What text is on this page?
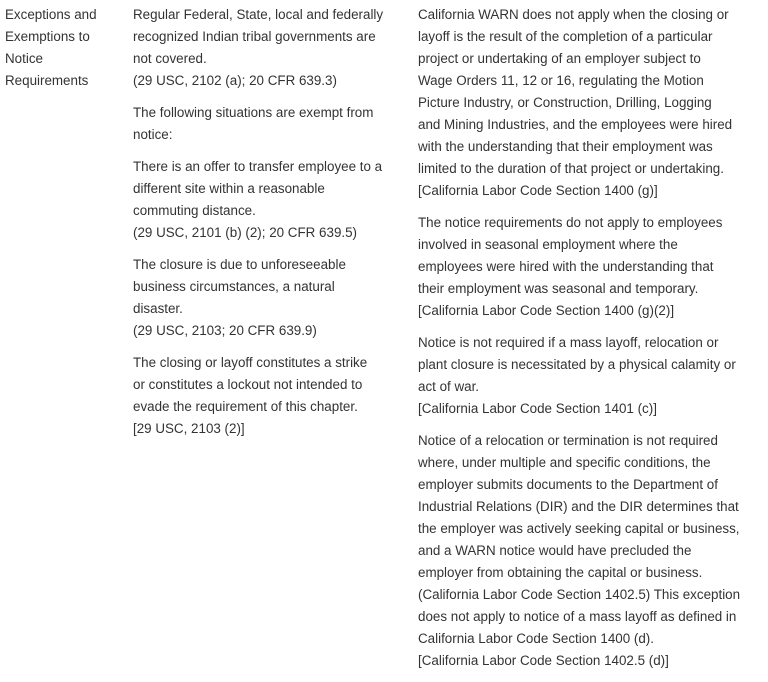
Exceptions and
Exemptions to
Notice
Requirements

Regular Federal, State, local and federally
recognized Indian tribal governments are
not covered.
(29 USC, 2102 (a); 20 CFR 639.3)

The following situations are exempt from
notice:

There is an offer to transfer employee to a
different site within a reasonable
commuting distance.
(29 USC, 2101 (b) (2); 20 CFR 639.5)

The closure is due to unforeseeable
business circumstances, a natural
disaster.
(29 USC, 2103; 20 CFR 639.9)

The closing or layoff constitutes a strike
or constitutes a lockout not intended to
evade the requirement of this chapter.
[29 USC, 2103 (2)]

California WARN does not apply when the closing or
layoff is the result of the completion of a particular
project or undertaking of an employer subject to
Wage Orders 11, 12 or 16, regulating the Motion
Picture Industry, or Construction, Drilling, Logging
and Mining Industries, and the employees were hired
with the understanding that their employment was
limited to the duration of that project or undertaking.
[California Labor Code Section 1400 (g)]

The notice requirements do not apply to employees
involved in seasonal employment where the
employees were hired with the understanding that
their employment was seasonal and temporary.
[California Labor Code Section 1400 (g)(2)]

Notice is not required if a mass layoff, relocation or
plant closure is necessitated by a physical calamity or
act of war.
[California Labor Code Section 1401 (c)]

Notice of a relocation or termination is not required
where, under multiple and specific conditions, the
employer submits documents to the Department of
Industrial Relations (DIR) and the DIR determines that
the employer was actively seeking capital or business,
and a WARN notice would have precluded the
employer from obtaining the capital or business.
(California Labor Code Section 1402.5) This exception
does not apply to notice of a mass layoff as defined in
California Labor Code Section 1400 (d).
[California Labor Code Section 1402.5 (d)]
